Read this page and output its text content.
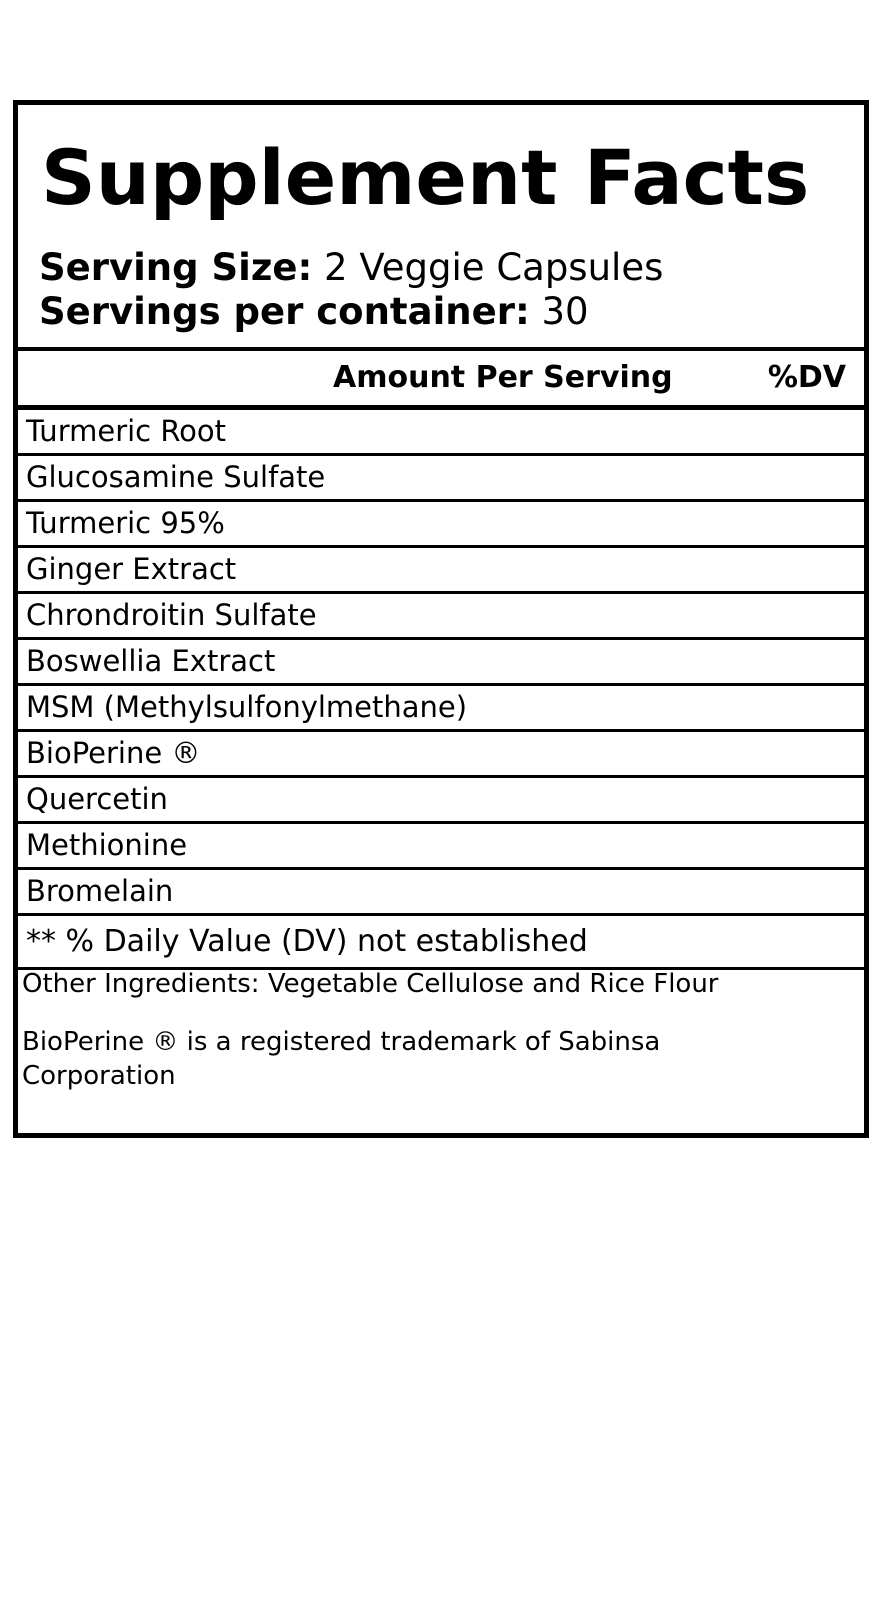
Supplement Facts
Serving Size: 2 Veggie Capsules
Servings per container: 30
Amount Per Serving	%DV
Turmeric Root
Glucosamine Sulfate
Turmeric 95%
Ginger Extract
Chrondroitin Sulfate
Boswellia Extract
MSM (Methylsulfonylmethane)
BioPerine ®
Quercetin
Methionine
Bromelain
** % Daily Value (DV) not established
Other Ingredients: Vegetable Cellulose and Rice Flour
BioPerine ® is a registered trademark of Sabinsa Corporation
